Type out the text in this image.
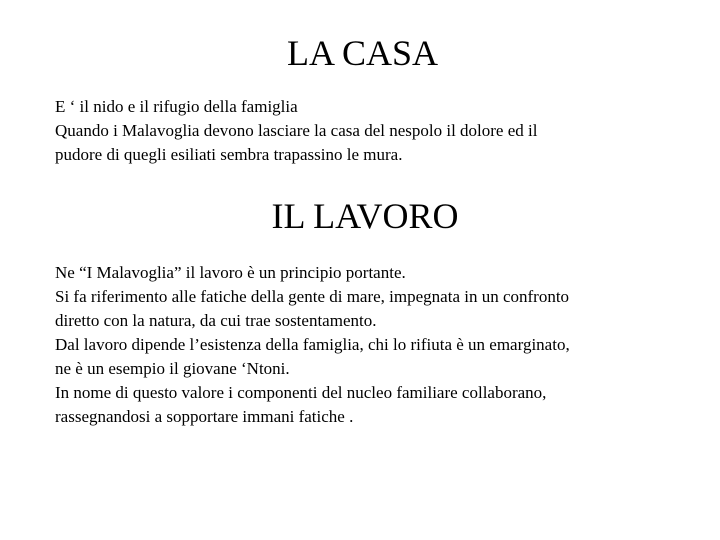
LA CASA
E ‘ il nido e il rifugio della famiglia
Quando i Malavoglia devono lasciare la casa del nespolo il dolore ed il
pudore di quegli esiliati sembra trapassino le mura.
IL LAVORO
Ne “I Malavoglia” il lavoro è un principio portante.
Si fa riferimento alle fatiche della gente di mare, impegnata in un confronto
diretto con la natura, da cui trae sostentamento.
Dal lavoro dipende l’esistenza della famiglia, chi lo rifiuta è un emarginato,
ne è un esempio il giovane ‘Ntoni.
In nome di questo valore i componenti del nucleo familiare collaborano,
rassegnandosi a sopportare immani fatiche .
